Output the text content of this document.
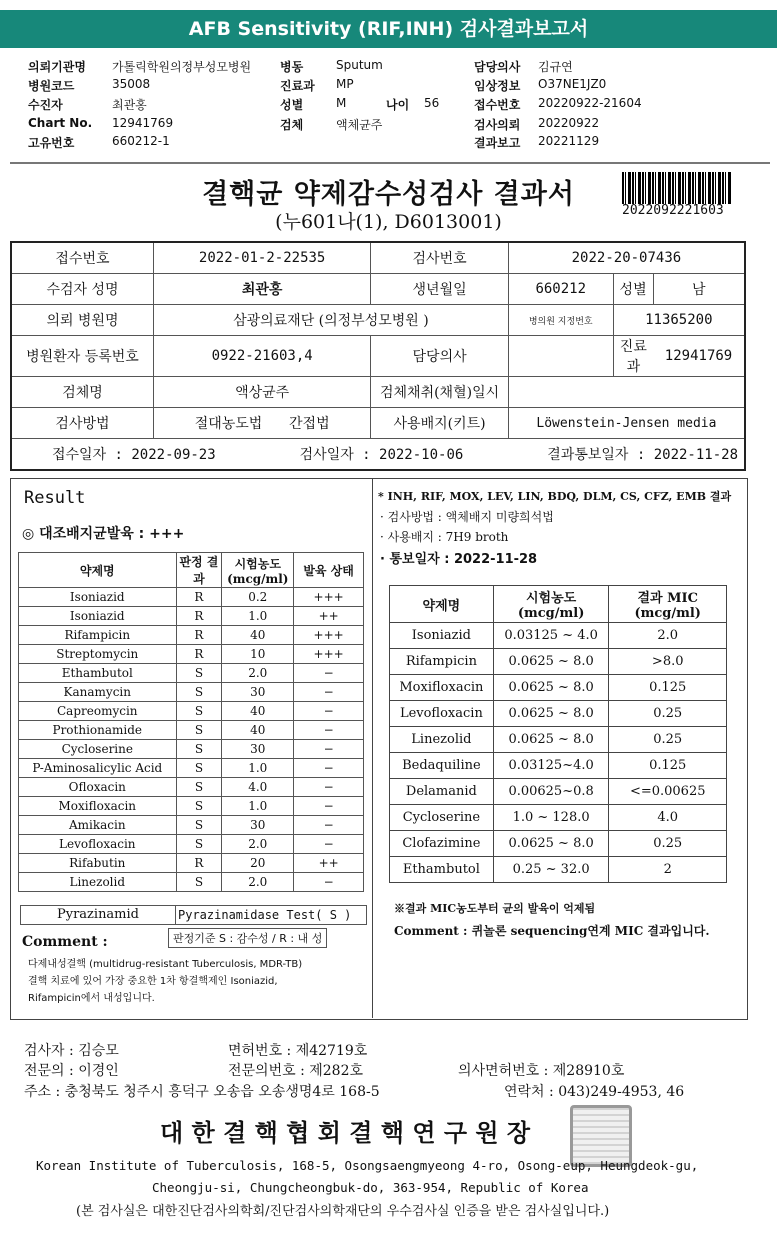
AFB Sensitivity (RIF,INH) 검사결과보고서
의뢰기관명 가톨릭학원의정부성모병원
병원코드	35008
수진자	최관홍
Chart No. 12941769
고유번호	660212-1
병동	Sputum
진료과 MP
성별	M
검체	액체균주
담당의사 김규연
임상정보 O37NE1JZ0
접수번호 20220922-21604
검사의뢰 20220922
결과보고 20221129
나이 56
2022092221603
결핵균 약제감수성검사 결과서
(누601나(1), D6013001)
접수번호	2022-01-2-22535	검사번호	2022-20-07436		
수검자 성명	최관홍	생년월일	660212	성별	남
의뢰 병원명	삼광의료재단 (의정부성모병원 )		병의원 지정번호	11365200	
병원환자 등록번호	0922-21603,4	담당의사		진료과	12941769
검체명	액상균주	검체채취(채혈)일시			
검사방법	절대농도법 간접법	사용배지(키트)	Löwenstein-Jensen media		

접수일자 : 2022-09-23 검사일자 : 2022-10-06 결과통보일자 : 2022-11-28					
Result
◎ 대조배지균발육 : +++
약제명	판정 결과	시험농도 (mcg/ml)	발육 상태
Isoniazid	R	0.2	+++
Isoniazid	R	1.0	++
Rifampicin	R	40	+++
Streptomycin	R	10	+++
Ethambutol	S	2.0	−
Kanamycin	S	30	−
Capreomycin	S	40	−
Prothionamide	S	40	−
Cycloserine	S	30	−
P-Aminosalicylic Acid	S	1.0	−
Ofloxacin	S	4.0	−
Moxifloxacin	S	1.0	−
Amikacin	S	30	−
Levofloxacin	S	2.0	−
Rifabutin	R	20	++
Linezolid	S	2.0	−
Pyrazinamid	Pyrazinamidase Test( S )
판정기준 S : 감수성 / R : 내 성
Comment :
다제내성결핵 (multidrug-resistant Tuberculosis, MDR-TB)
결핵 치료에 있어 가장 중요한 1차 항결핵제인 Isoniazid,
Rifampicin에서 내성입니다.
* INH, RIF, MOX, LEV, LIN, BDQ, DLM, CS, CFZ, EMB 결과
· 검사방법 : 액체배지 미량희석법
· 사용배지 : 7H9 broth
· 통보일자 : 2022-11-28
약제명	시험농도 (mcg/ml)	결과 MIC (mcg/ml)
Isoniazid	0.03125 ~ 4.0	2.0
Rifampicin	0.0625 ~ 8.0	>8.0
Moxifloxacin	0.0625 ~ 8.0	0.125
Levofloxacin	0.0625 ~ 8.0	0.25
Linezolid	0.0625 ~ 8.0	0.25
Bedaquiline	0.03125~4.0	0.125
Delamanid	0.00625~0.8	<=0.00625
Cycloserine	1.0 ~ 128.0	4.0
Clofazimine	0.0625 ~ 8.0	0.25
Ethambutol	0.25 ~ 32.0	2
※결과 MIC농도부터 균의 발육이 억제됨
Comment : 퀴놀론 sequencing연계 MIC 결과입니다.
검사자 : 김승모	면허번호 : 제42719호
전문의 : 이경인	전문의번호 : 제282호	의사면허번호 : 제28910호
주소 : 충청북도 청주시 흥덕구 오송읍 오송생명4로 168-5	연락처 : 043)249-4953, 46
대 한 결 핵 협 회 결 핵 연 구 원 장
Korean Institute of Tuberculosis, 168-5, Osongsaengmyeong 4-ro, Osong-eup, Heungdeok-gu,
Cheongju-si, Chungcheongbuk-do, 363-954, Republic of Korea
(본 검사실은 대한진단검사의학회/진단검사의학재단의 우수검사실 인증을 받은 검사실입니다.)
